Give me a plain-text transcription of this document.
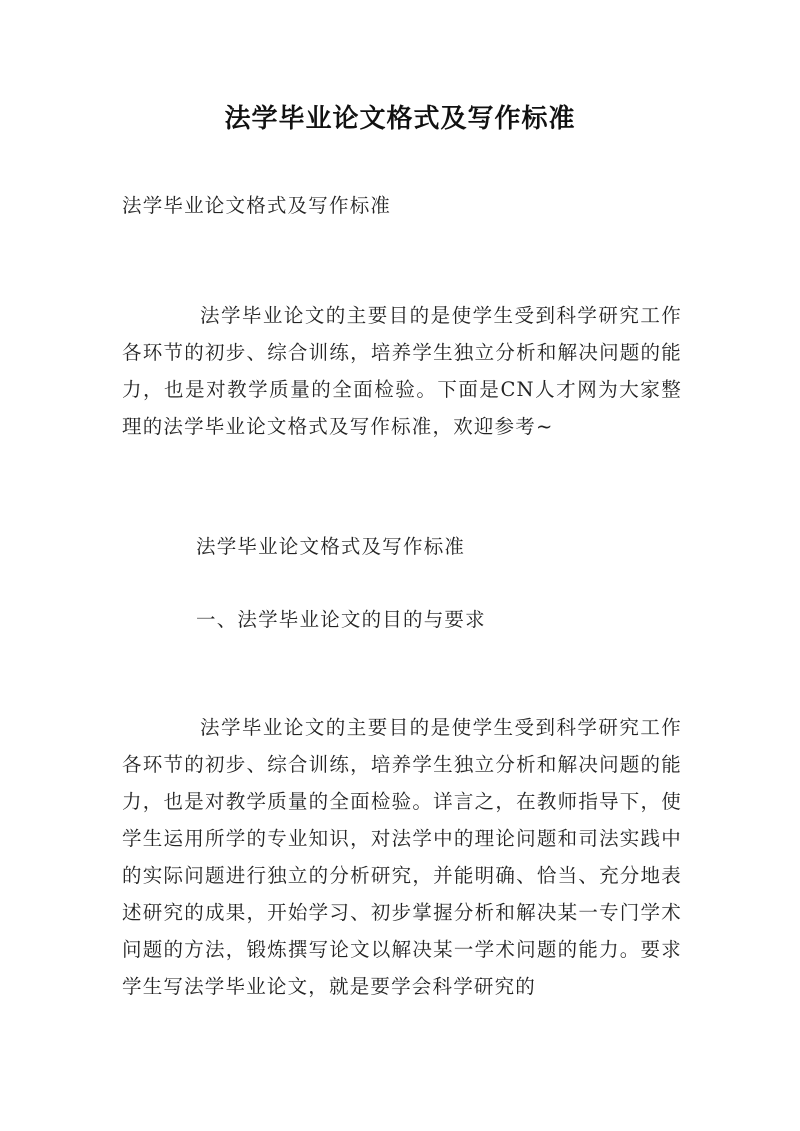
法学毕业论文格式及写作标准
法学毕业论文格式及写作标准
法学毕业论文的主要目的是使学生受到科学研究工作各环节的初步、综合训练，培养学生独立分析和解决问题的能力，也是对教学质量的全面检验。下面是CN人才网为大家整理的法学毕业论文格式及写作标准，欢迎参考~
法学毕业论文格式及写作标准
一、法学毕业论文的目的与要求
法学毕业论文的主要目的是使学生受到科学研究工作各环节的初步、综合训练，培养学生独立分析和解决问题的能力，也是对教学质量的全面检验。详言之，在教师指导下，使学生运用所学的专业知识，对法学中的理论问题和司法实践中的实际问题进行独立的分析研究，并能明确、恰当、充分地表述研究的成果，开始学习、初步掌握分析和解决某一专门学术问题的方法，锻炼撰写论文以解决某一学术问题的能力。要求学生写法学毕业论文，就是要学会科学研究的
